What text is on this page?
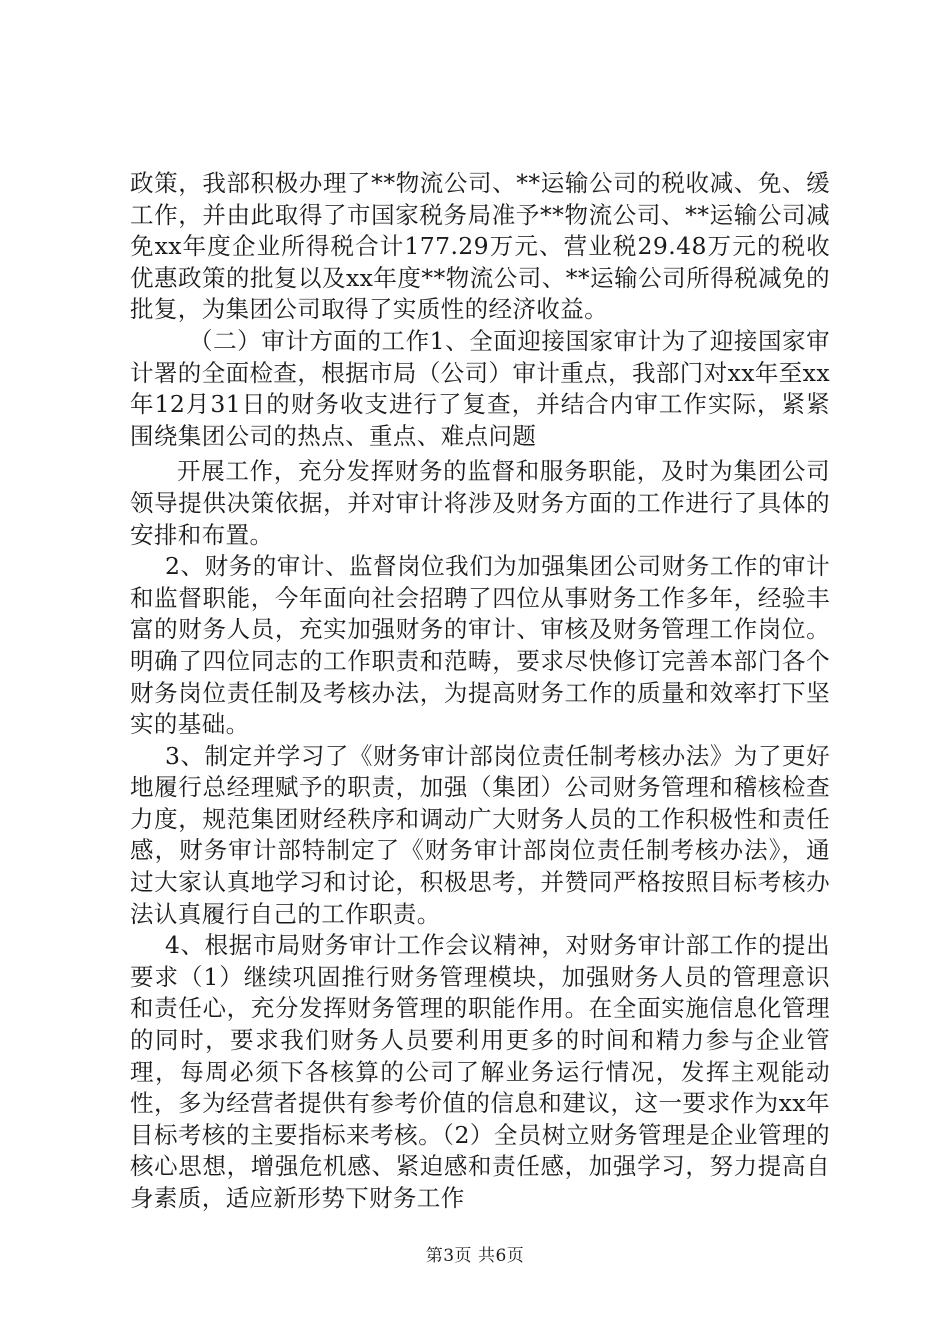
政策，我部积极办理了**物流公司、**运输公司的税收减、免、缓工作，并由此取得了市国家税务局准予**物流公司、**运输公司减免xx年度企业所得税合计177.29万元、营业税29.48万元的税收优惠政策的批复以及xx年度**物流公司、**运输公司所得税减免的批复，为集团公司取得了实质性的经济收益。

（二）审计方面的工作1、全面迎接国家审计为了迎接国家审计署的全面检查，根据市局（公司）审计重点，我部门对xx年至xx年12月31日的财务收支进行了复查，并结合内审工作实际，紧紧围绕集团公司的热点、重点、难点问题

开展工作，充分发挥财务的监督和服务职能，及时为集团公司领导提供决策依据，并对审计将涉及财务方面的工作进行了具体的安排和布置。

2、财务的审计、监督岗位我们为加强集团公司财务工作的审计和监督职能，今年面向社会招聘了四位从事财务工作多年，经验丰富的财务人员，充实加强财务的审计、审核及财务管理工作岗位。明确了四位同志的工作职责和范畴，要求尽快修订完善本部门各个财务岗位责任制及考核办法，为提高财务工作的质量和效率打下坚实的基础。

3、制定并学习了《财务审计部岗位责任制考核办法》为了更好地履行总经理赋予的职责，加强（集团）公司财务管理和稽核检查力度，规范集团财经秩序和调动广大财务人员的工作积极性和责任感，财务审计部特制定了《财务审计部岗位责任制考核办法》，通过大家认真地学习和讨论，积极思考，并赞同严格按照目标考核办法认真履行自己的工作职责。

4、根据市局财务审计工作会议精神，对财务审计部工作的提出要求（1）继续巩固推行财务管理模块，加强财务人员的管理意识和责任心，充分发挥财务管理的职能作用。在全面实施信息化管理的同时，要求我们财务人员要利用更多的时间和精力参与企业管理，每周必须下各核算的公司了解业务运行情况，发挥主观能动性，多为经营者提供有参考价值的信息和建议，这一要求作为xx年目标考核的主要指标来考核。（2）全员树立财务管理是企业管理的核心思想，增强危机感、紧迫感和责任感，加强学习，努力提高自身素质，适应新形势下财务工作

第3页 共6页
